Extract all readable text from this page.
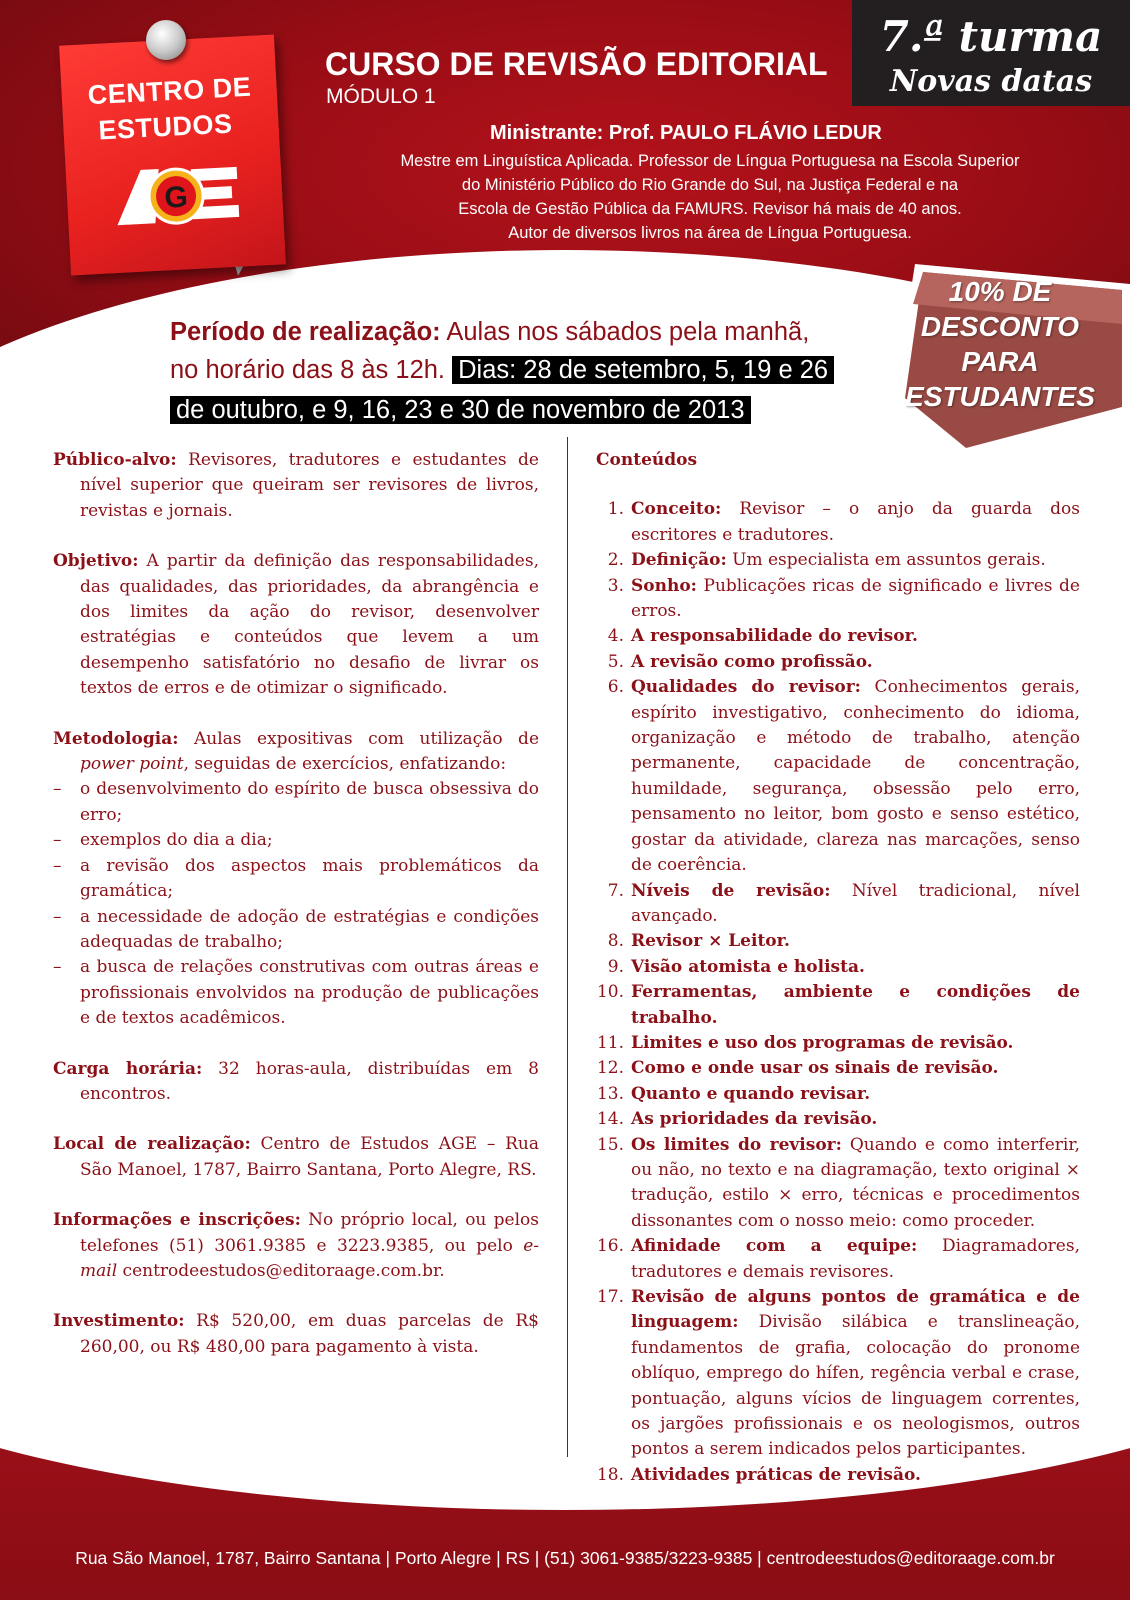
CENTRO DE
ESTUDOS
G
CURSO DE REVISÃO EDITORIAL
MÓDULO 1
Ministrante: Prof. PAULO FLÁVIO LEDUR
Mestre em Linguística Aplicada. Professor de Língua Portuguesa na Escola Superior
do Ministério Público do Rio Grande do Sul, na Justiça Federal e na
Escola de Gestão Pública da FAMURS. Revisor há mais de 40 anos.
Autor de diversos livros na área de Língua Portuguesa.
7.ª turma
Novas datas
10% DE
DESCONTO
PARA
ESTUDANTES
Período de realização: Aulas nos sábados pela manhã,
no horário das 8 às 12h. Dias: 28 de setembro, 5, 19 e 26
de outubro, e 9, 16, 23 e 30 de novembro de 2013

Público-alvo: Revisores, tradutores e estudantes de nível superior que queiram ser revisores de livros, revistas e jornais.

Objetivo: A partir da definição das responsabilidades, das qualidades, das prioridades, da abrangência e dos limites da ação do revisor, desenvolver estratégias e conteúdos que levem a um desempenho satisfatório no desafio de livrar os textos de erros e de otimizar o significado.

Metodologia: Aulas expositivas com utilização de power point, seguidas de exercícios, enfatizando:

– o desenvolvimento do espírito de busca obsessiva do erro;
– exemplos do dia a dia;
– a revisão dos aspectos mais problemáticos da gramática;
– a necessidade de adoção de estratégias e condições adequadas de trabalho;
– a busca de relações construtivas com outras áreas e profissionais envolvidos na produção de publicações e de textos acadêmicos.

Carga horária: 32 horas-aula, distribuídas em 8 encontros.

Local de realização: Centro de Estudos AGE – Rua São Manoel, 1787, Bairro Santana, Porto Alegre, RS.

Informações e inscrições: No próprio local, ou pelos telefones (51) 3061.9385 e 3223.9385, ou pelo e-mail centrodeestudos@editoraage.com.br.

Investimento: R$ 520,00, em duas parcelas de R$ 260,00, ou R$ 480,00 para pagamento à vista.

Conteúdos

1. Conceito: Revisor – o anjo da guarda dos escritores e tradutores.
2. Definição: Um especialista em assuntos gerais.
3. Sonho: Publicações ricas de significado e livres de erros.
4. A responsabilidade do revisor.
5. A revisão como profissão.
6. Qualidades do revisor: Conhecimentos gerais, espírito investigativo, conhecimento do idioma, organização e método de trabalho, atenção permanente, capacidade de concentração, humildade, segurança, obsessão pelo erro, pensamento no leitor, bom gosto e senso estético, gostar da atividade, clareza nas marcações, senso de coerência.
7. Níveis de revisão: Nível tradicional, nível avançado.
8. Revisor × Leitor.
9. Visão atomista e holista.
10. Ferramentas, ambiente e condições de trabalho.
11. Limites e uso dos programas de revisão.
12. Como e onde usar os sinais de revisão.
13. Quanto e quando revisar.
14. As prioridades da revisão.
15. Os limites do revisor: Quando e como interferir, ou não, no texto e na diagramação, texto original × tradução, estilo × erro, técnicas e procedimentos dissonantes com o nosso meio: como proceder.
16. Afinidade com a equipe: Diagramadores, tradutores e demais revisores.
17. Revisão de alguns pontos de gramática e de linguagem: Divisão silábica e translineação, fundamentos de grafia, colocação do pronome oblíquo, emprego do hífen, regência verbal e crase, pontuação, alguns vícios de linguagem correntes, os jargões profissionais e os neologismos, outros pontos a serem indicados pelos participantes.
18. Atividades práticas de revisão.
Rua São Manoel, 1787, Bairro Santana | Porto Alegre | RS | (51) 3061-9385/3223-9385 | centrodeestudos@editoraage.com.br
